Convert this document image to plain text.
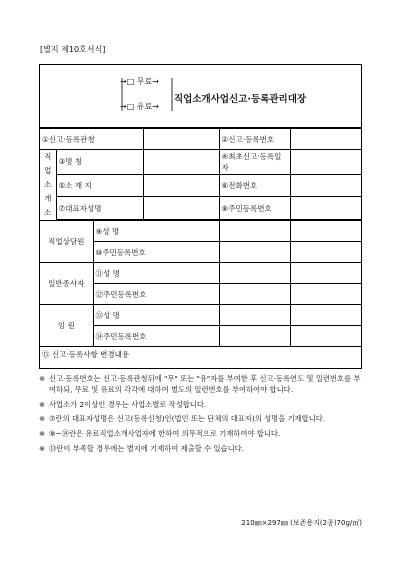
[별지 제10호서식]
→□ 무료→
→□ 유료→
직업소개사업신고·등록관리대장
①신고·등록관청				②신고·등록번호	
직업소개소	③명 칭			④최초신고·등록일자	
	⑤소 재 지			⑥전화번호	
	⑦대표자성명			⑧주민등록번호	

직업상담원		⑨성 명			
		⑩주민등록번호			
일반종사자		⑪성 명			
		⑫주민등록번호			
임 원		⑬성 명			
		⑭주민등록번호			
⑮ 신고·등록사항 변경내용					
※ 신고·등록번호는 신고·등록관청뒤에 "무" 또는 "유"자를 부여한 후 신고·등록연도 및 일련번호를 부여하되, 무료 및 유료의 각각에 대하여 별도의 일련번호를 부여하여야 합니다.
※ 사업소가 2이상인 경우는 사업소별로 작성합니다.
※ ⑦란의 대표자성명은 신고(등록신청)인(법인 또는 단체의 대표자)의 성명을 기재합니다.
※ ⑨~⑭란은 유료직업소개사업자에 한하여 의무적으로 기재하여야 합니다.
※ ⑬란이 부족할 경우에는 별지에 기재하여 제출할 수 있습니다.
210㎜×297㎜ (보존용지(2종)70g/㎡)
